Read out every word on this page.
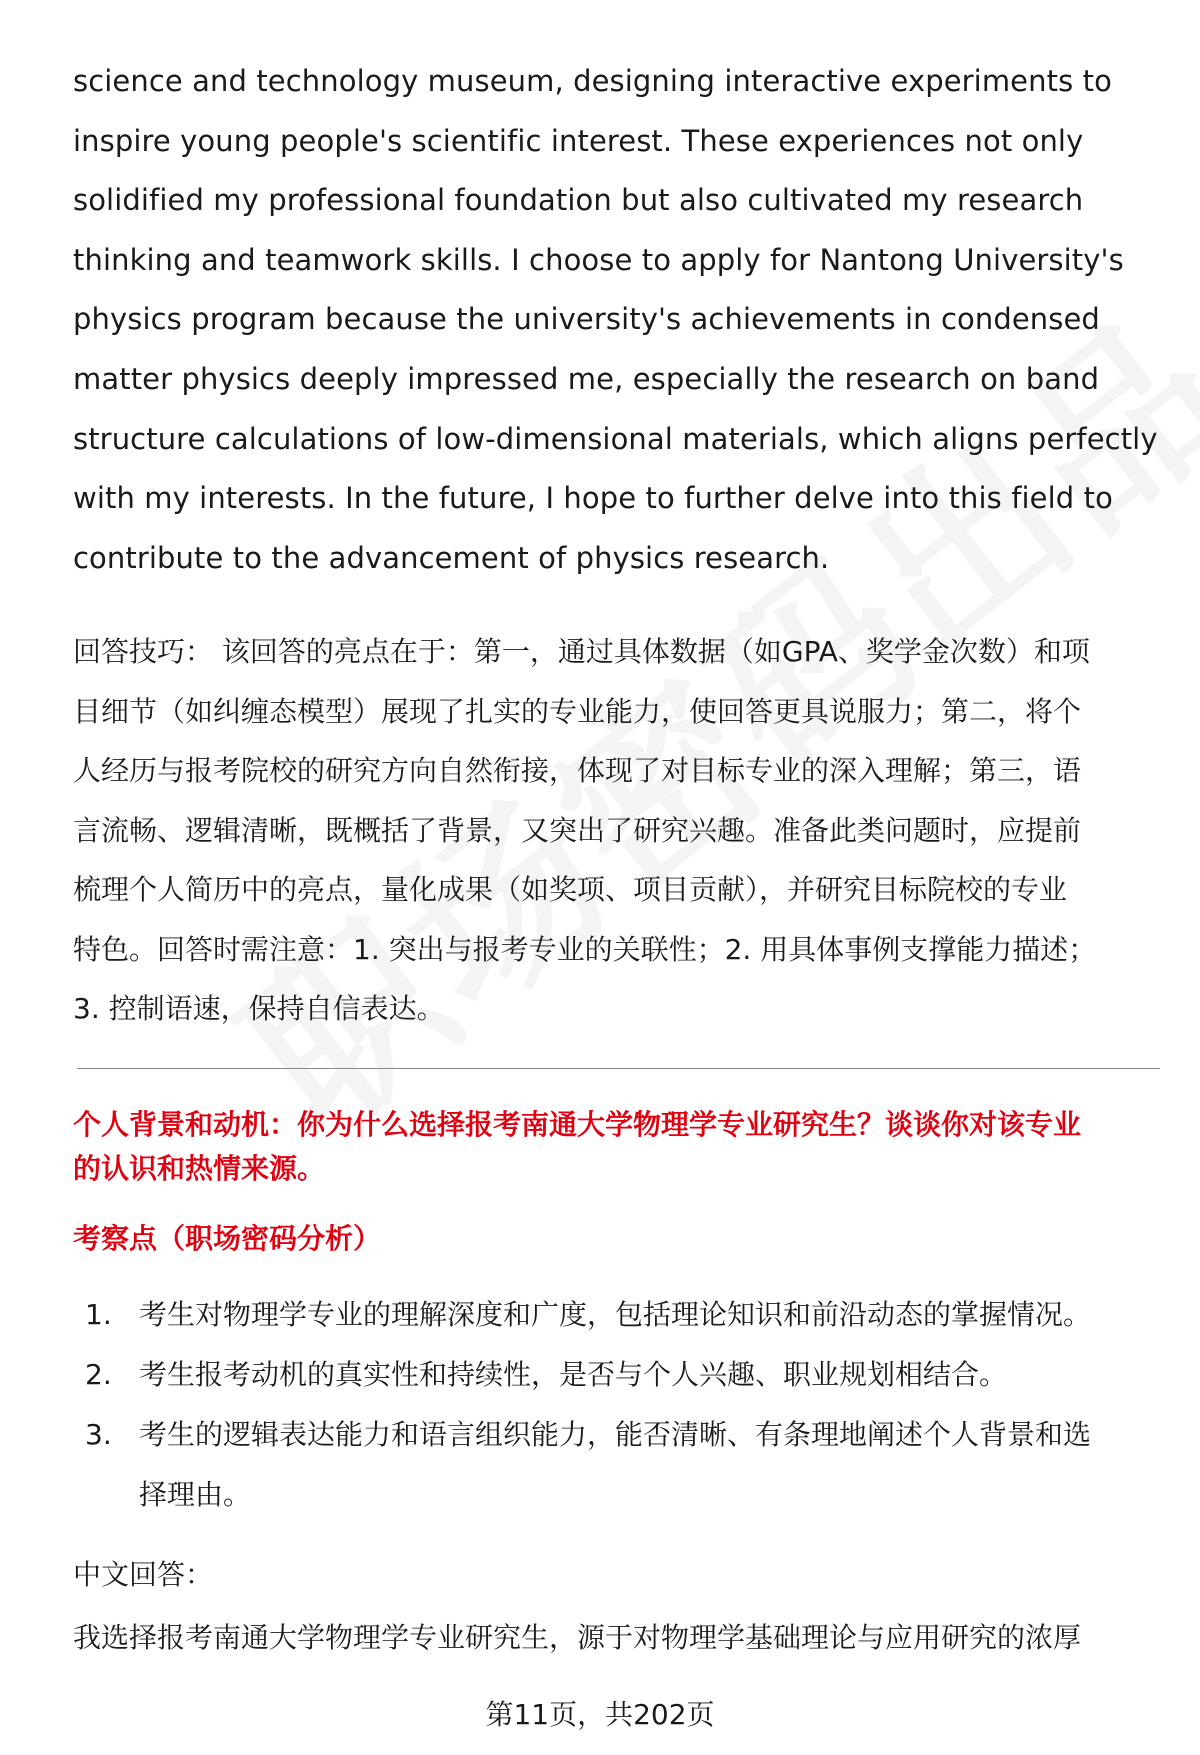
science and technology museum, designing interactive experiments to
inspire young people's scientific interest. These experiences not only
solidified my professional foundation but also cultivated my research
thinking and teamwork skills. I choose to apply for Nantong University's
physics program because the university's achievements in condensed
matter physics deeply impressed me, especially the research on band
structure calculations of low-dimensional materials, which aligns perfectly
with my interests. In the future, I hope to further delve into this field to
contribute to the advancement of physics research.

回答技巧： 该回答的亮点在于：第一，通过具体数据（如GPA、奖学金次数）和项

目细节（如纠缠态模型）展现了扎实的专业能力，使回答更具说服力；第二，将个

人经历与报考院校的研究方向自然衔接，体现了对目标专业的深入理解；第三，语

言流畅、逻辑清晰，既概括了背景，又突出了研究兴趣。准备此类问题时，应提前

梳理个人简历中的亮点，量化成果（如奖项、项目贡献），并研究目标院校的专业

特色。回答时需注意：1. 突出与报考专业的关联性；2. 用具体事例支撑能力描述；

3. 控制语速，保持自信表达。

个人背景和动机：你为什么选择报考南通大学物理学专业研究生？谈谈你对该专业

的认识和热情来源。

考察点（职场密码分析）
1. 考生对物理学专业的理解深度和广度，包括理论知识和前沿动态的掌握情况。
2. 考生报考动机的真实性和持续性，是否与个人兴趣、职业规划相结合。
3. 考生的逻辑表达能力和语言组织能力，能否清晰、有条理地阐述个人背景和选
择理由。
中文回答：
我选择报考南通大学物理学专业研究生，源于对物理学基础理论与应用研究的浓厚
第11页，共202页
